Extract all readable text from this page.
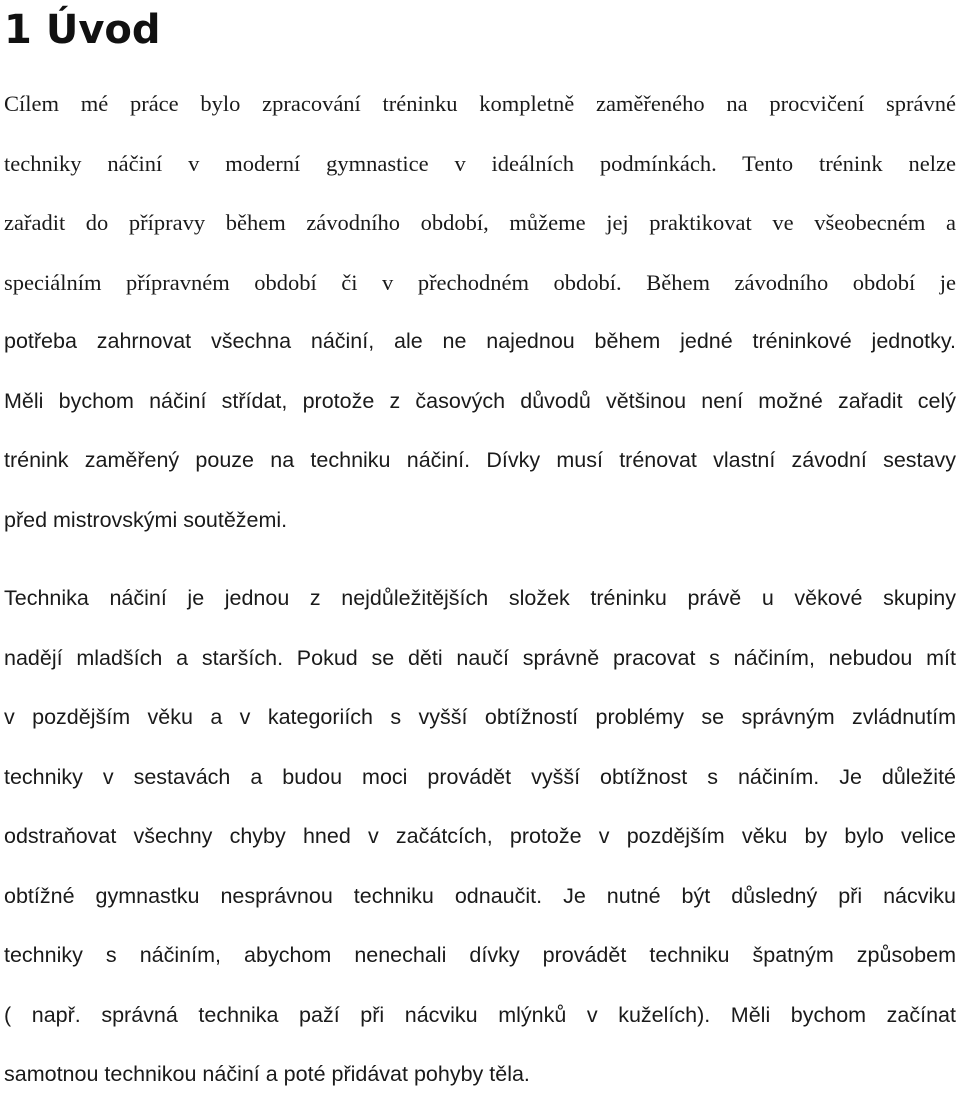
1 Úvod
Cílem mé práce bylo zpracování tréninku kompletně zaměřeného na procvičení správné
techniky náčiní v moderní gymnastice v ideálních podmínkách. Tento trénink nelze
zařadit do přípravy během závodního období, můžeme jej praktikovat ve všeobecném a
speciálním přípravném období či v přechodném období. Během závodního období je
potřeba zahrnovat všechna náčiní, ale ne najednou během jedné tréninkové jednotky.
Měli bychom náčiní střídat, protože z časových důvodů většinou není možné zařadit celý
trénink zaměřený pouze na techniku náčiní. Dívky musí trénovat vlastní závodní sestavy
před mistrovskými soutěžemi.
Technika náčiní je jednou z nejdůležitějších složek tréninku právě u věkové skupiny
nadějí mladších a starších. Pokud se děti naučí správně pracovat s náčiním, nebudou mít
v pozdějším věku a v kategoriích s vyšší obtížností problémy se správným zvládnutím
techniky v sestavách a budou moci provádět vyšší obtížnost s náčiním. Je důležité
odstraňovat všechny chyby hned v začátcích, protože v pozdějším věku by bylo velice
obtížné gymnastku nesprávnou techniku odnaučit. Je nutné být důsledný při nácviku
techniky s náčiním, abychom nenechali dívky provádět techniku špatným způsobem
( např. správná technika paží při nácviku mlýnků v kuželích). Měli bychom začínat
samotnou technikou náčiní a poté přidávat pohyby těla.
